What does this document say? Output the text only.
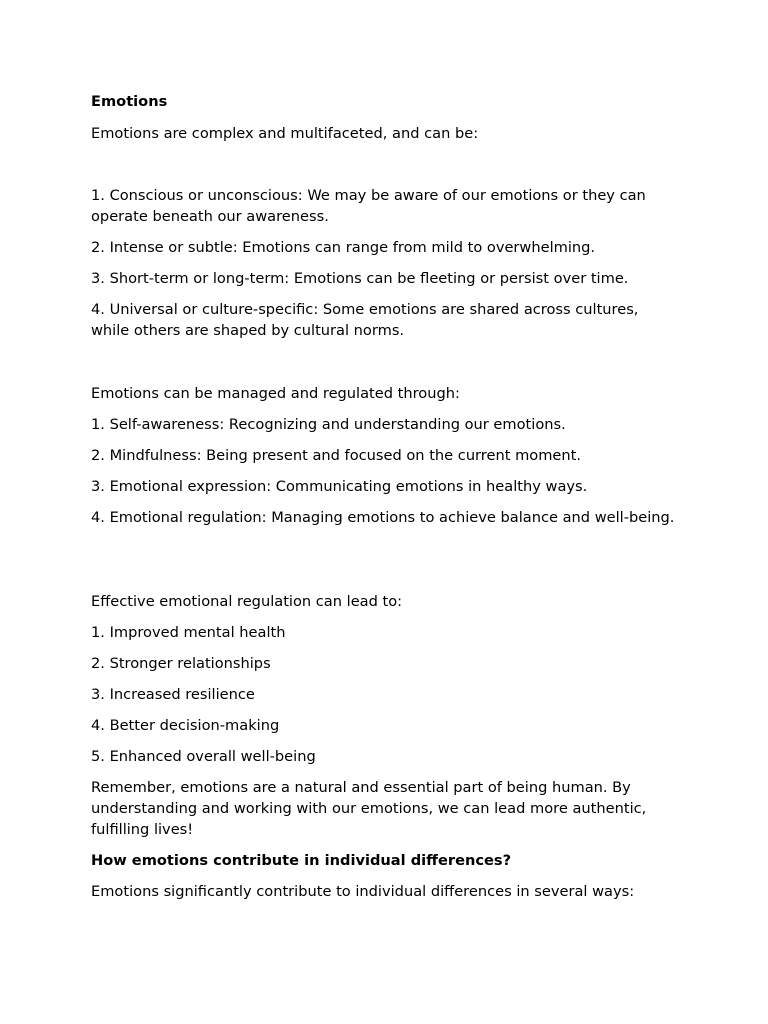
Emotions

Emotions are complex and multifaceted, and can be:

1. Conscious or unconscious: We may be aware of our emotions or they can operate beneath our awareness.

2. Intense or subtle: Emotions can range from mild to overwhelming.

3. Short-term or long-term: Emotions can be fleeting or persist over time.

4. Universal or culture-specific: Some emotions are shared across cultures, while others are shaped by cultural norms.

Emotions can be managed and regulated through:

1. Self-awareness: Recognizing and understanding our emotions.

2. Mindfulness: Being present and focused on the current moment.

3. Emotional expression: Communicating emotions in healthy ways.

4. Emotional regulation: Managing emotions to achieve balance and well-being.

Effective emotional regulation can lead to:

1. Improved mental health

2. Stronger relationships

3. Increased resilience

4. Better decision-making

5. Enhanced overall well-being

Remember, emotions are a natural and essential part of being human. By understanding and working with our emotions, we can lead more authentic, fulfilling lives!

How emotions contribute in individual differences?

Emotions significantly contribute to individual differences in several ways:
